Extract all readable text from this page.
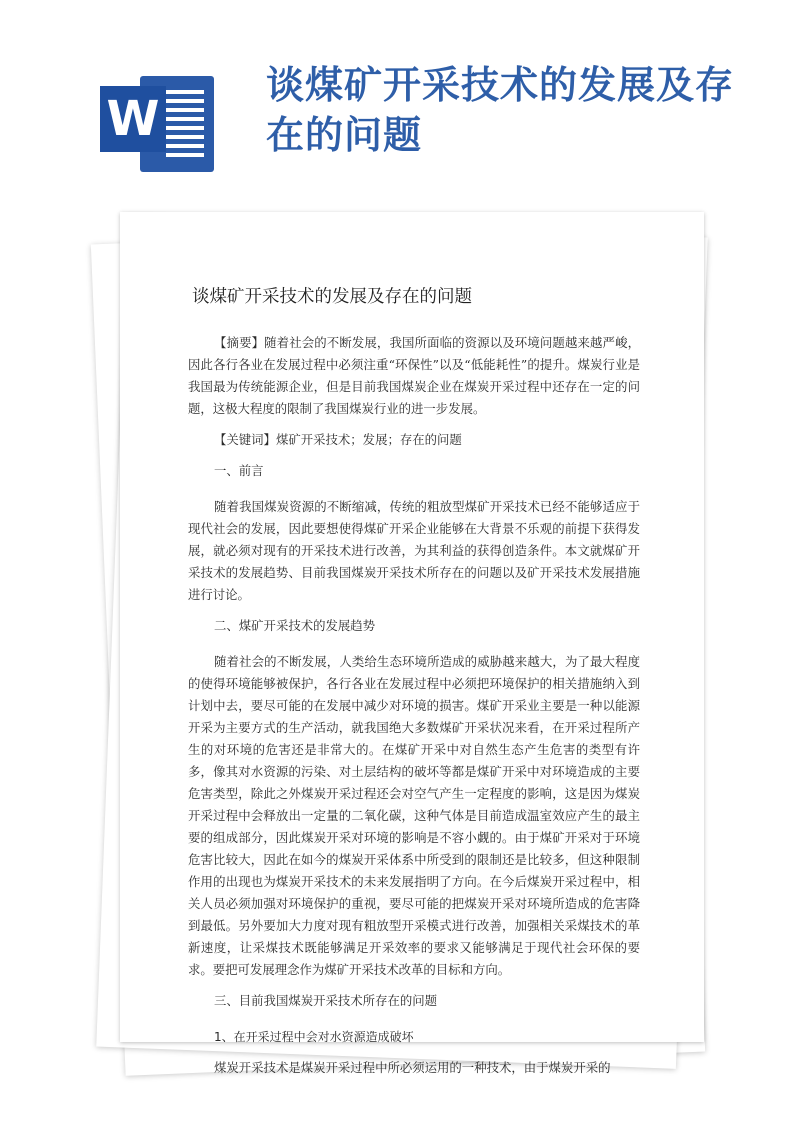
W
谈煤矿开采技术的发展及存在的问题
谈煤矿开采技术的发展及存在的问题

【摘要】随着社会的不断发展，我国所面临的资源以及环境问题越来越严峻，因此各行各业在发展过程中必须注重“环保性”以及“低能耗性”的提升。煤炭行业是我国最为传统能源企业，但是目前我国煤炭企业在煤炭开采过程中还存在一定的问题，这极大程度的限制了我国煤炭行业的进一步发展。

【关键词】煤矿开采技术；发展；存在的问题

一、前言

随着我国煤炭资源的不断缩减，传统的粗放型煤矿开采技术已经不能够适应于现代社会的发展，因此要想使得煤矿开采企业能够在大背景不乐观的前提下获得发展，就必须对现有的开采技术进行改善，为其利益的获得创造条件。本文就煤矿开采技术的发展趋势、目前我国煤炭开采技术所存在的问题以及矿开采技术发展措施进行讨论。

二、煤矿开采技术的发展趋势

随着社会的不断发展，人类给生态环境所造成的威胁越来越大，为了最大程度的使得环境能够被保护，各行各业在发展过程中必须把环境保护的相关措施纳入到计划中去，要尽可能的在发展中减少对环境的损害。煤矿开采业主要是一种以能源开采为主要方式的生产活动，就我国绝大多数煤矿开采状况来看，在开采过程所产生的对环境的危害还是非常大的。在煤矿开采中对自然生态产生危害的类型有许多，像其对水资源的污染、对土层结构的破坏等都是煤矿开采中对环境造成的主要危害类型，除此之外煤炭开采过程还会对空气产生一定程度的影响，这是因为煤炭开采过程中会释放出一定量的二氧化碳，这种气体是目前造成温室效应产生的最主要的组成部分，因此煤炭开采对环境的影响是不容小觑的。由于煤矿开采对于环境危害比较大，因此在如今的煤炭开采体系中所受到的限制还是比较多，但这种限制作用的出现也为煤炭开采技术的未来发展指明了方向。在今后煤炭开采过程中，相关人员必须加强对环境保护的重视，要尽可能的把煤炭开采对环境所造成的危害降到最低。另外要加大力度对现有粗放型开采模式进行改善，加强相关采煤技术的革新速度，让采煤技术既能够满足开采效率的要求又能够满足于现代社会环保的要求。要把可发展理念作为煤矿开采技术改革的目标和方向。

三、目前我国煤炭开采技术所存在的问题

1、在开采过程中会对水资源造成破坏

煤炭开采技术是煤炭开采过程中所必须运用的一种技术，由于煤炭开采的
